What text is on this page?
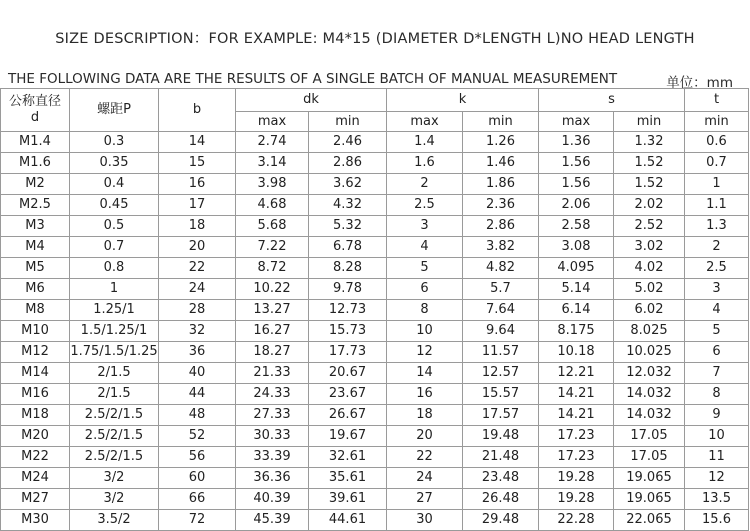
SIZE DESCRIPTION：FOR EXAMPLE: M4*15 (DIAMETER D*LENGTH L)NO HEAD LENGTH
THE FOLLOWING DATA ARE THE RESULTS OF A SINGLE BATCH OF MANUAL MEASUREMENT	单位：mm
公称直径
d	螺距P	b	dk		k		s		t
			max	min	max	min	max	min	min
M1.4	0.3	14	2.74	2.46	1.4	1.26	1.36	1.32	0.6
M1.6	0.35	15	3.14	2.86	1.6	1.46	1.56	1.52	0.7
M2	0.4	16	3.98	3.62	2	1.86	1.56	1.52	1
M2.5	0.45	17	4.68	4.32	2.5	2.36	2.06	2.02	1.1
M3	0.5	18	5.68	5.32	3	2.86	2.58	2.52	1.3
M4	0.7	20	7.22	6.78	4	3.82	3.08	3.02	2
M5	0.8	22	8.72	8.28	5	4.82	4.095	4.02	2.5
M6	1	24	10.22	9.78	6	5.7	5.14	5.02	3
M8	1.25/1	28	13.27	12.73	8	7.64	6.14	6.02	4
M10	1.5/1.25/1	32	16.27	15.73	10	9.64	8.175	8.025	5
M12	1.75/1.5/1.25	36	18.27	17.73	12	11.57	10.18	10.025	6
M14	2/1.5	40	21.33	20.67	14	12.57	12.21	12.032	7
M16	2/1.5	44	24.33	23.67	16	15.57	14.21	14.032	8
M18	2.5/2/1.5	48	27.33	26.67	18	17.57	14.21	14.032	9
M20	2.5/2/1.5	52	30.33	19.67	20	19.48	17.23	17.05	10
M22	2.5/2/1.5	56	33.39	32.61	22	21.48	17.23	17.05	11
M24	3/2	60	36.36	35.61	24	23.48	19.28	19.065	12
M27	3/2	66	40.39	39.61	27	26.48	19.28	19.065	13.5
M30	3.5/2	72	45.39	44.61	30	29.48	22.28	22.065	15.6
